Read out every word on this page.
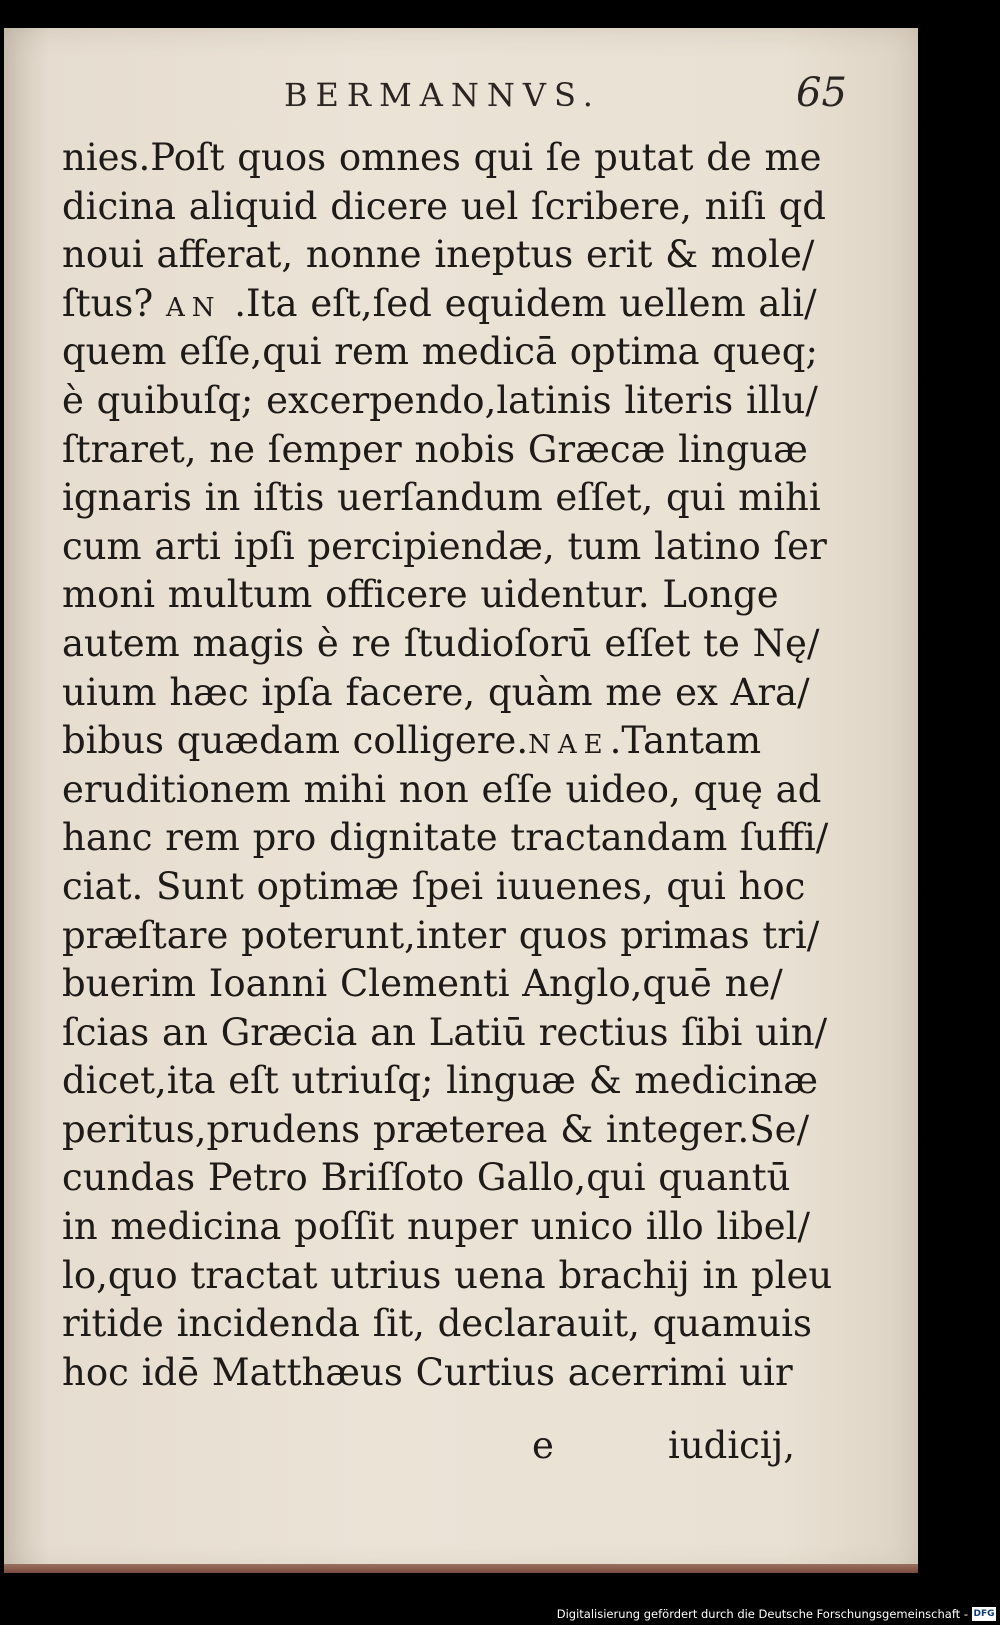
BERMANNVS.	65
nies.Poſt quos omnes qui ſe putat de me
dicina aliquid dicere uel ſcribere, niſi qd
noui afferat, nonne ineptus erit & mole/
ſtus? AN .Ita eſt,ſed equidem uellem ali/
quem eſſe,qui rem medicā optima queq;
è quibuſq; excerpendo,latinis literis illu/
ſtraret, ne ſemper nobis Græcæ linguæ
ignaris in iſtis uerſandum eſſet, qui mihi
cum arti ipſi percipiendæ, tum latino ſer
moni multum officere uidentur. Longe
autem magis è re ſtudioſorū eſſet te Nę/
uium hæc ipſa facere, quàm me ex Ara/
bibus quædam colligere.NAE.Tantam
eruditionem mihi non eſſe uideo, quę ad
hanc rem pro dignitate tractandam ſuffi/
ciat. Sunt optimæ ſpei iuuenes, qui hoc
præſtare poterunt,inter quos primas tri/
buerim Ioanni Clementi Anglo,quē ne/
ſcias an Græcia an Latiū rectius ſibi uin/
dicet,ita eſt utriuſq; linguæ & medicinæ
peritus,prudens præterea & integer.Se/
cundas Petro Briſſoto Gallo,qui quantū
in medicina poſſit nuper unico illo libel/
lo,quo tractat utrius uena brachij in pleu
ritide incidenda ſit, declarauit, quamuis
hoc idē Matthæus Curtius acerrimi uir
e	iudicij,
Digitalisierung gefördert durch die Deutsche Forschungsgemeinschaft - DFG
